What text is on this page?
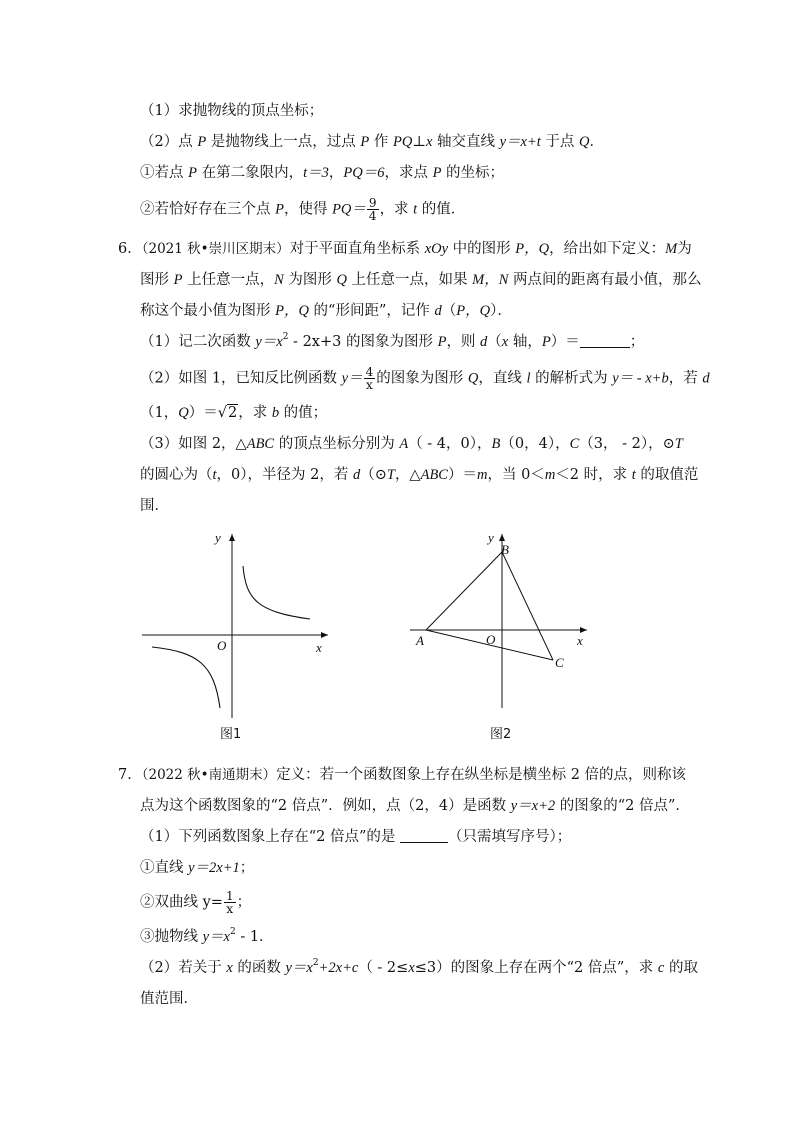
（1）求抛物线的顶点坐标；
（2）点 P 是抛物线上一点，过点 P 作 PQ⊥x 轴交直线 y＝x+t 于点 Q．
①若点 P 在第二象限内，t＝3，PQ＝6，求点 P 的坐标；
②若恰好存在三个点 P，使得 $PQ= \frac{9}{4}$ ，求 t 的值．
6．（2021 秋•崇川区期末）对于平面直角坐标系 xOy 中的图形 P，Q，给出如下定义：M为
图形 P 上任意一点，N 为图形 Q 上任意一点，如果 M，N 两点间的距离有最小值，那么
称这个最小值为图形 P，Q 的“形间距”，记作 d（P，Q）．
（1）记二次函数 $y=x^2 - 2x+3$ 的图象为图形 P，则 d（x 轴，P）＝	；
（2）如图 1，已知反比例函数 $y= \frac{4}{x}$ 的图象为图形 Q，直线 l 的解析式为 y＝ - x+b，若 d
（1，Q）＝√2，求 b 的值；
（3）如图 2，△ABC 的顶点坐标分别为 A（ - 4，0），B（0，4），C（3， - 2），⊙T
的圆心为（t，0），半径为 2，若 d（⊙T，△ABC）＝m，当 0＜m＜2 时，求 t 的取值范
围．
y
x
O
图1
y
x
O
A
B
C
图2
7．（2022 秋•南通期末）定义：若一个函数图象上存在纵坐标是横坐标 2 倍的点，则称该
点为这个函数图象的“2 倍点”．例如，点（2，4）是函数 y＝x+2 的图象的“2 倍点”．
（1）下列函数图象上存在“2 倍点”的是	（只需填写序号）；
①直线 y＝2x+1；
②双曲线 $y= \frac{1}{x}$ ；
③抛物线 $y=x^2 - 1$．
（2）若关于 x 的函数 $y=x^2+2x+c( - 2\le x\le 3)$的图象上存在两个“2 倍点”，求 c 的取
值范围．
